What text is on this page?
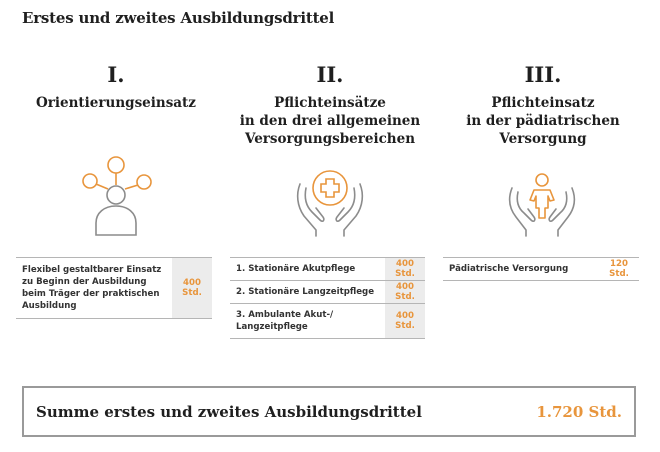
Erstes und zweites Ausbildungsdrittel
I.
Orientierungseinsatz
II.
Pflichteinsätze
in den drei allgemeinen
Versorgungsbereichen
III.
Pflichteinsatz
in der pädiatrischen
Versorgung
Flexibel gestaltbarer Einsatz
zu Beginn der Ausbildung
beim Träger der praktischen
Ausbildung
	400 Std.
1. Stationäre Akutpflege	400 Std.
2. Stationäre Langzeitpflege	400 Std.

3. Ambulante Akut-/
Langzeitpflege	400 Std.
Pädiatrische Versorgung	120 Std.
Summe erstes und zweites Ausbildungsdrittel	1.720 Std.
